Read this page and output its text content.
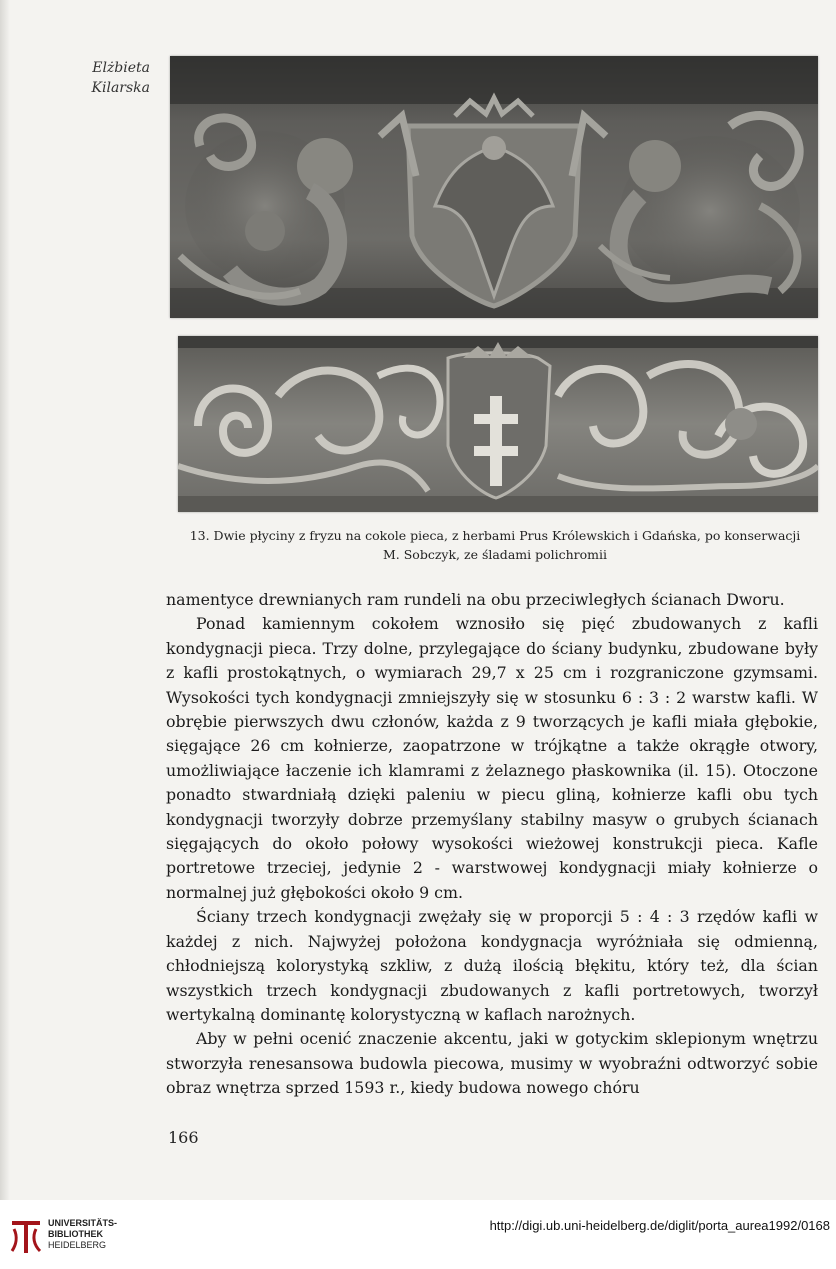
Elżbieta
Kilarska
13. Dwie płyciny z fryzu na cokole pieca, z herbami Prus Królewskich i Gdańska, po konserwacji
M. Sobczyk, ze śladami polichromii

namentyce drewnianych ram rundeli na obu przeciwległych ścianach Dworu.

Ponad kamiennym cokołem wznosiło się pięć zbudowanych z kafli kondygnacji pieca. Trzy dolne, przylegające do ściany budynku, zbudowane były z kafli prostokątnych, o wymiarach 29,7 x 25 cm i rozgraniczone gzymsami. Wysokości tych kondygnacji zmniejszyły się w stosunku 6 : 3 : 2 warstw kafli. W obrębie pierwszych dwu członów, każda z 9 tworzących je kafli miała głębokie, sięgające 26 cm kołnierze, zaopatrzone w trójkątne a także okrągłe otwory, umożliwiające łaczenie ich klamrami z żelaznego płaskownika (il. 15). Otoczone ponadto stwardniałą dzięki paleniu w piecu gliną, kołnierze kafli obu tych kondygnacji tworzyły dobrze przemyślany stabilny masyw o grubych ścianach sięgających do około połowy wysokości wieżowej konstrukcji pieca. Kafle portretowe trzeciej, jedynie 2 - warstwowej kondygnacji miały kołnierze o normalnej już głębokości około 9 cm.

Ściany trzech kondygnacji zwężały się w proporcji 5 : 4 : 3 rzędów kafli w każdej z nich. Najwyżej położona kondygnacja wyróżniała się odmienną, chłodniejszą kolorystyką szkliw, z dużą ilością błękitu, który też, dla ścian wszystkich trzech kondygnacji zbudowanych z kafli portretowych, tworzył wertykalną dominantę kolorystyczną w kaflach narożnych.

Aby w pełni ocenić znaczenie akcentu, jaki w gotyckim sklepionym wnętrzu stworzyła renesansowa budowla piecowa, musimy w wyobraźni odtworzyć sobie obraz wnętrza sprzed 1593 r., kiedy budowa nowego chóru

166
UNIVERSITÄTS-
BIBLIOTHEK
HEIDELBERG
http://digi.ub.uni-heidelberg.de/diglit/porta_aurea1992/0168
